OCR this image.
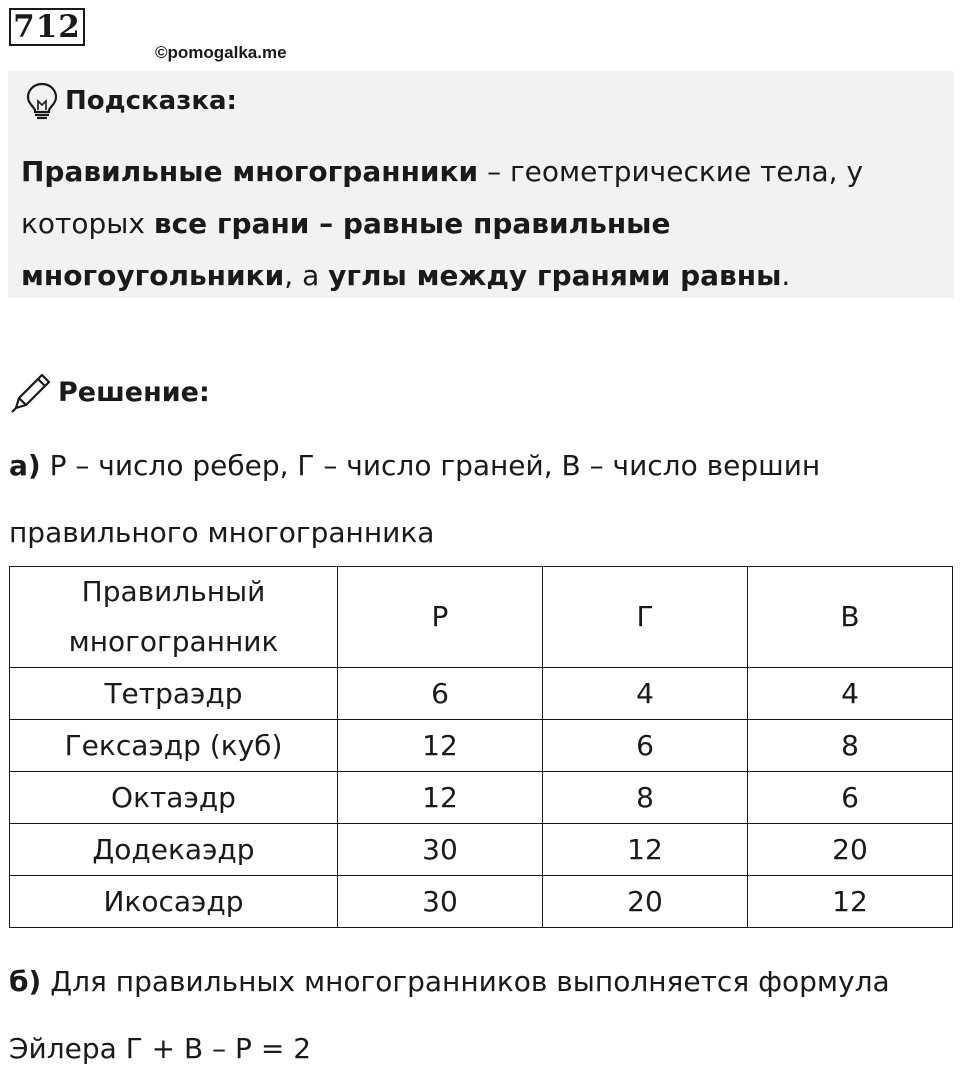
712
©pomogalka.me
Подсказка:
Правильные многогранники – геометрические тела, у которых все грани – равные правильные многоугольники, а углы между гранями равны.
Решение:
а) Р – число ребер, Г – число граней, В – число вершин правильного многогранника
Правильный многогранник	Р	Г	В
Тетраэдр	6	4	4
Гексаэдр (куб)	12	6	8
Октаэдр	12	8	6
Додекаэдр	30	12	20
Икосаэдр	30	20	12
б) Для правильных многогранников выполняется формула Эйлера Г + В – Р = 2
